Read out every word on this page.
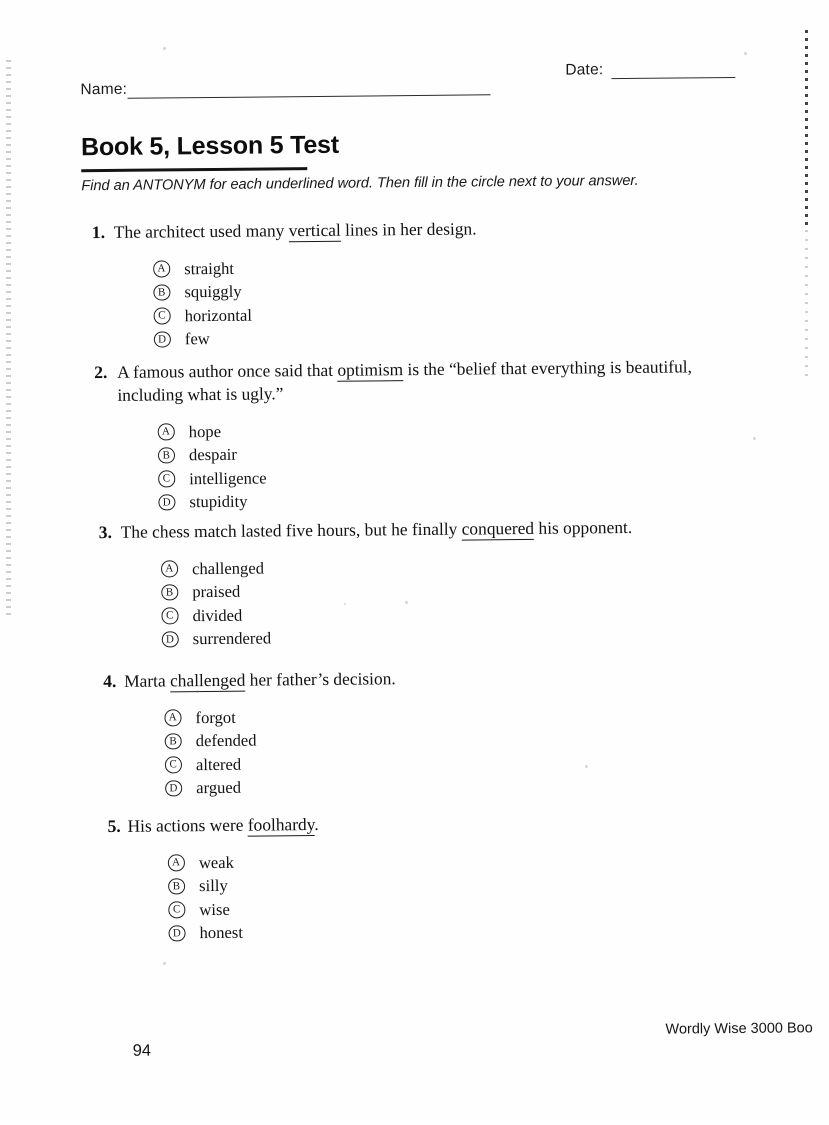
Name:
Date:
Book 5, Lesson 5 Test
Find an ANTONYM for each underlined word. Then fill in the circle next to your answer.
1. The architect used many vertical lines in her design.
A straight
B squiggly
C horizontal
D few
2. A famous author once said that optimism is the “belief that everything is beautiful,
including what is ugly.”
A hope
B despair
C intelligence
D stupidity
3. The chess match lasted five hours, but he finally conquered his opponent.
A challenged
B praised
C divided
D surrendered
4. Marta challenged her father’s decision.
A forgot
B defended
C altered
D argued
5. His actions were foolhardy.
A weak
B silly
C wise
D honest
94
Wordly Wise 3000 Boo
